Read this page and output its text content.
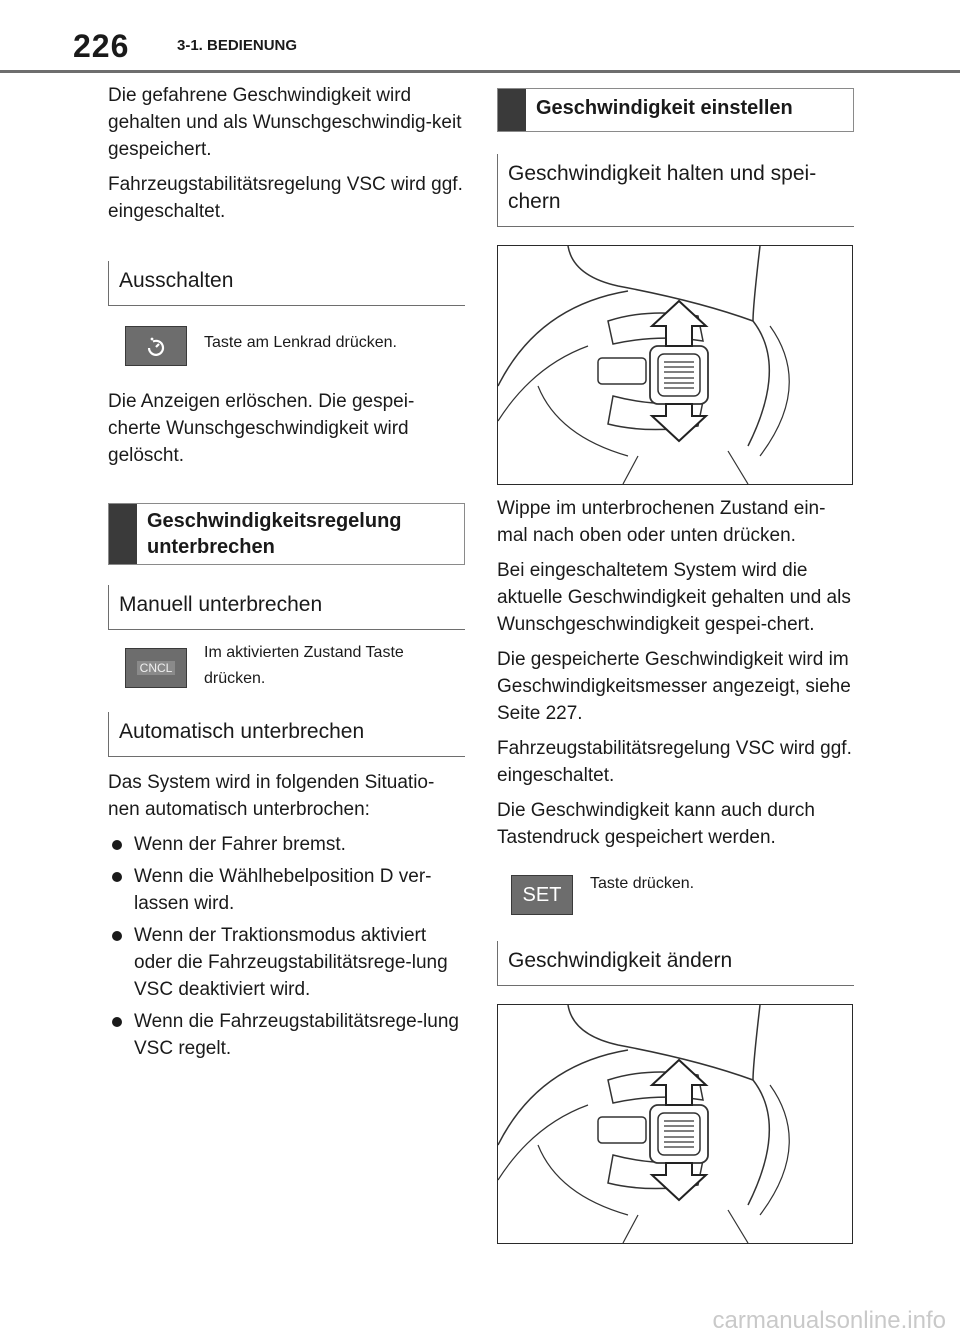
226	3-1. BEDIENUNG

Die gefahrene Geschwindigkeit wird gehalten und als Wunschgeschwindig-keit gespeichert.

Fahrzeugstabilitätsregelung VSC wird ggf. eingeschaltet.

Ausschalten
Taste am Lenkrad drücken.

Die Anzeigen erlöschen. Die gespei-cherte Wunschgeschwindigkeit wird gelöscht.

Geschwindigkeitsregelung unterbrechen
Manuell unterbrechen
CNCL
Im aktivierten Zustand Taste drücken.
Automatisch unterbrechen

Das System wird in folgenden Situatio-nen automatisch unterbrochen:

Wenn der Fahrer bremst.
Wenn die Wählhebelposition D ver-lassen wird.
Wenn der Traktionsmodus aktiviert oder die Fahrzeugstabilitätsrege-lung VSC deaktiviert wird.
Wenn die Fahrzeugstabilitätsrege-lung VSC regelt.
Geschwindigkeit einstellen
Geschwindigkeit halten und spei-chern

Wippe im unterbrochenen Zustand ein-mal nach oben oder unten drücken.

Bei eingeschaltetem System wird die aktuelle Geschwindigkeit gehalten und als Wunschgeschwindigkeit gespei-chert.

Die gespeicherte Geschwindigkeit wird im Geschwindigkeitsmesser angezeigt, siehe Seite 227.

Fahrzeugstabilitätsregelung VSC wird ggf. eingeschaltet.

Die Geschwindigkeit kann auch durch Tastendruck gespeichert werden.

SET Taste drücken.
Geschwindigkeit ändern
carmanualsonline.info
